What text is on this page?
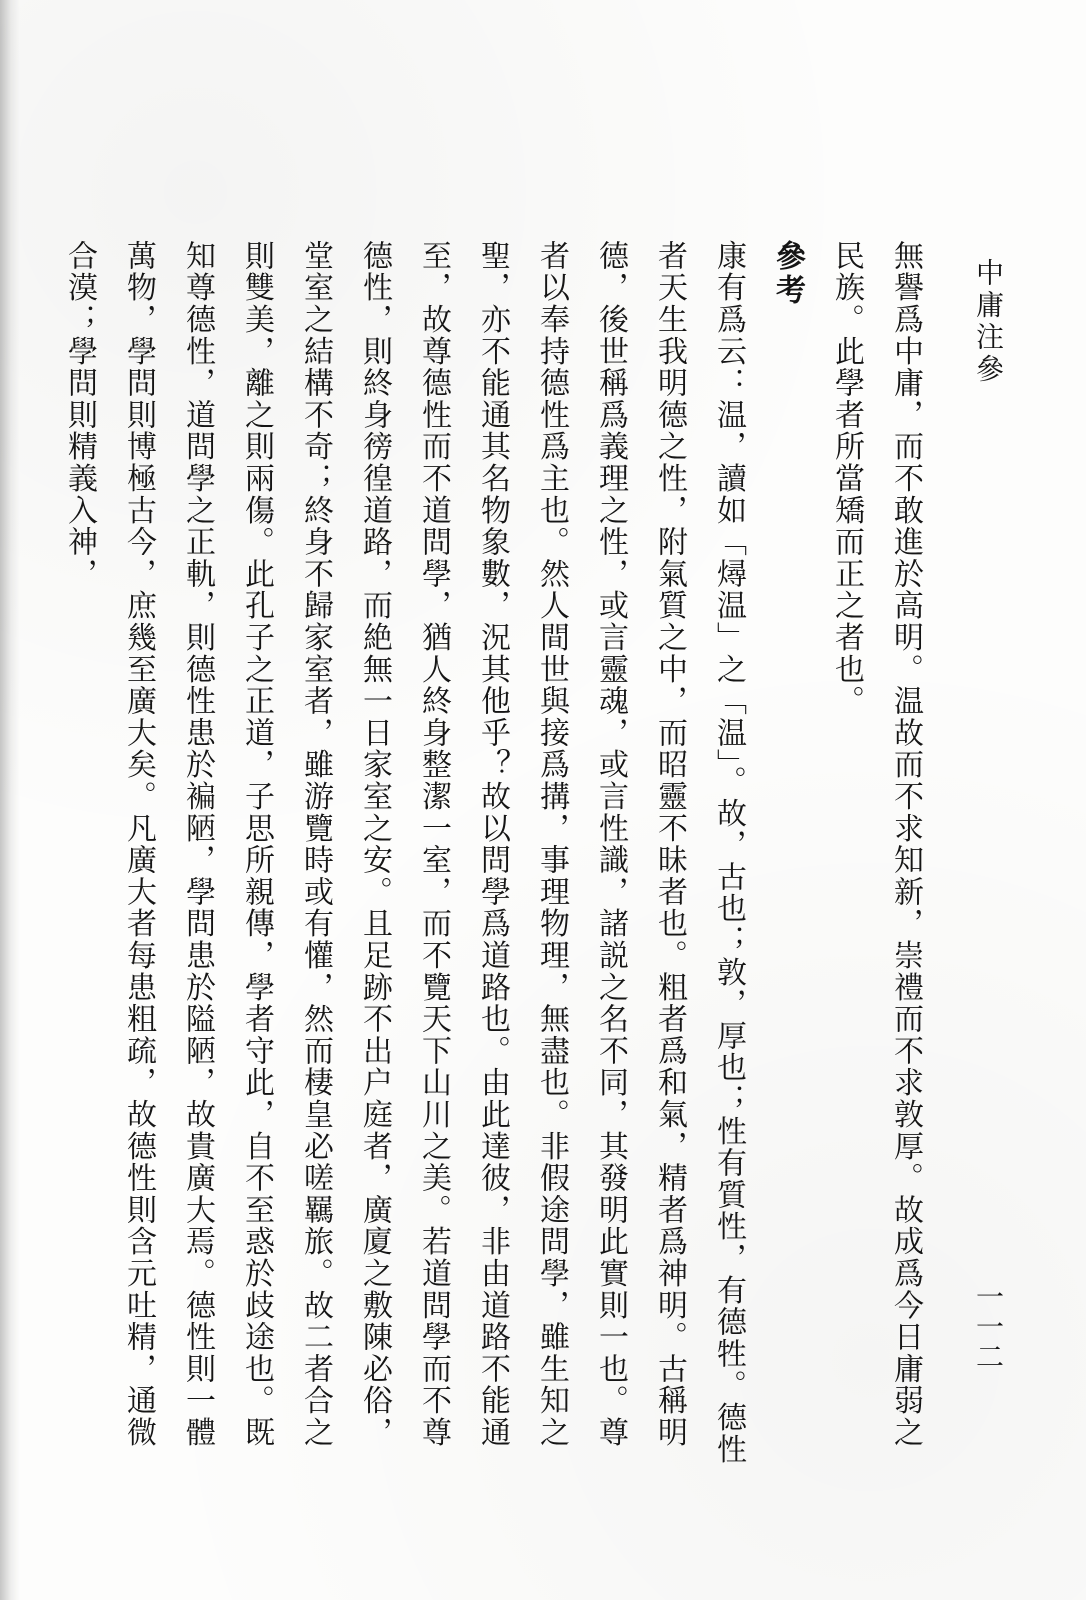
中庸注參
一一二

無譽爲中庸，而不敢進於高明。温故而不求知新，崇禮而不求敦厚。故成爲今日庸弱之民族。此學者所當矯而正之者也。

參考

康有爲云：温，讀如「燖温」之「温」。故，古也；敦，厚也；性有質性，有德牲。德性者天生我明德之性，附氣質之中，而昭靈不昧者也。粗者爲和氣，精者爲神明。古稱明德，後世稱爲義理之性，或言靈魂，或言性識，諸説之名不同，其發明此實則一也。尊者以奉持德性爲主也。然人間世與接爲搆，事理物理，無盡也。非假途問學，雖生知之聖，亦不能通其名物象數，況其他乎？故以問學爲道路也。由此達彼，非由道路不能通至，故尊德性而不道問學，猶人終身整潔一室，而不覽天下山川之美。若道問學而不尊德性，則終身徬徨道路，而絶無一日家室之安。且足跡不出户庭者，廣廈之敷陳必俗，堂室之結構不奇；終身不歸家室者，雖游覽時或有懽，然而棲皇必嗟羈旅。故二者合之則雙美，離之則兩傷。此孔子之正道，子思所親傳，學者守此，自不至惑於歧途也。既知尊德性，道問學之正軌，則德性患於褊陋，學問患於隘陋，故貴廣大焉。德性則一體萬物，學問則博極古今，庶幾至廣大矣。凡廣大者每患粗疏，故德性則含元吐精，通微合漠；學問則精義入神，
